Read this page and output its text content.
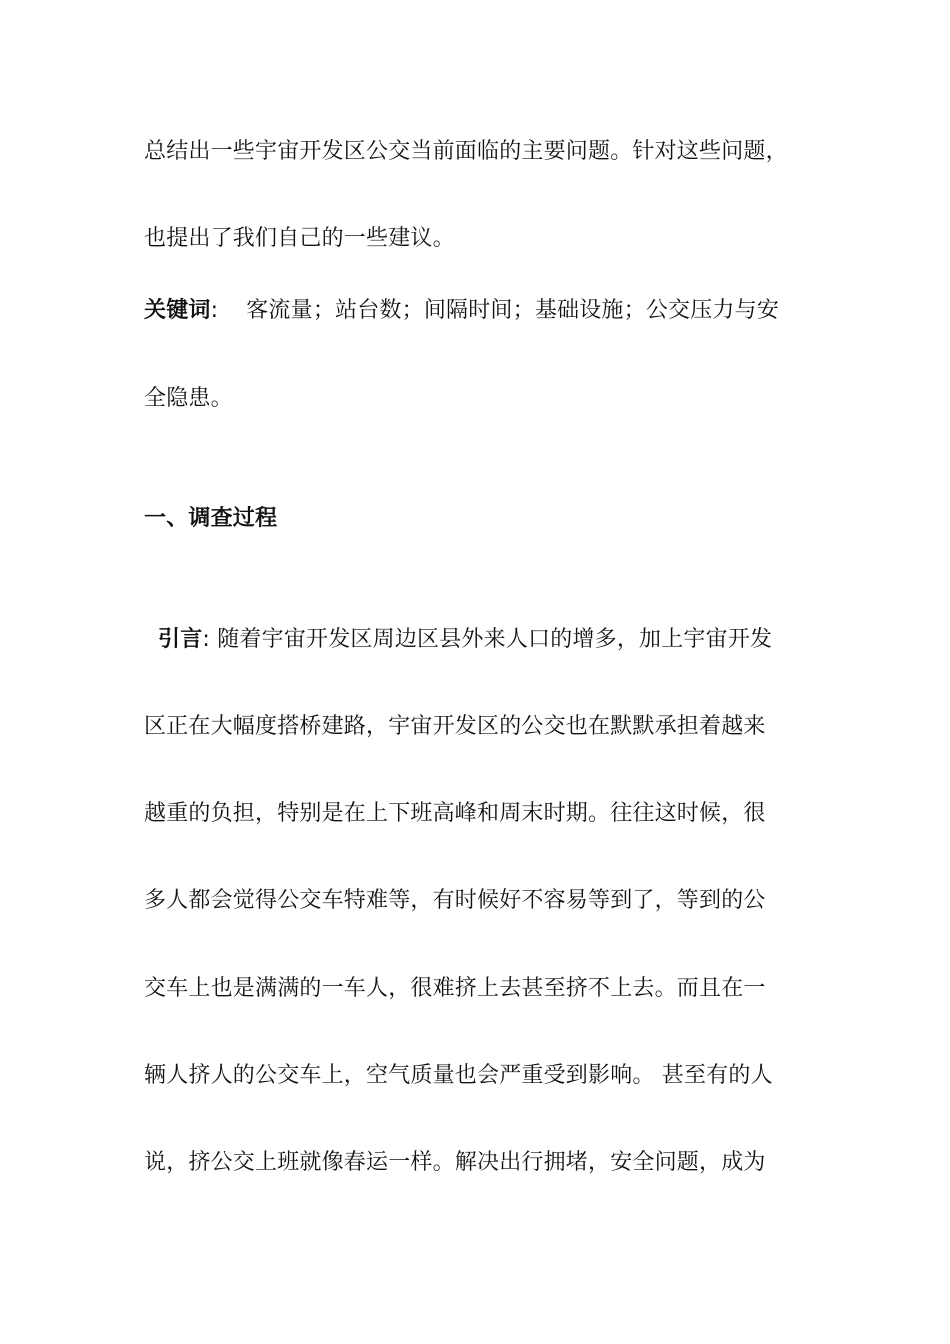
总结出一些宇宙开发区公交当前面临的主要问题。针对这些问题，
也提出了我们自己的一些建议。
关键词: 客流量；站台数；间隔时间；基础设施；公交压力与安
全隐患。
一、调查过程
引言: 随着宇宙开发区周边区县外来人口的增多，加上宇宙开发
区正在大幅度搭桥建路，宇宙开发区的公交也在默默承担着越来
越重的负担，特别是在上下班高峰和周末时期。往往这时候，很
多人都会觉得公交车特难等，有时候好不容易等到了，等到的公
交车上也是满满的一车人，很难挤上去甚至挤不上去。而且在一
辆人挤人的公交车上，空气质量也会严重受到影响。 甚至有的人
说，挤公交上班就像春运一样。解决出行拥堵，安全问题，成为
